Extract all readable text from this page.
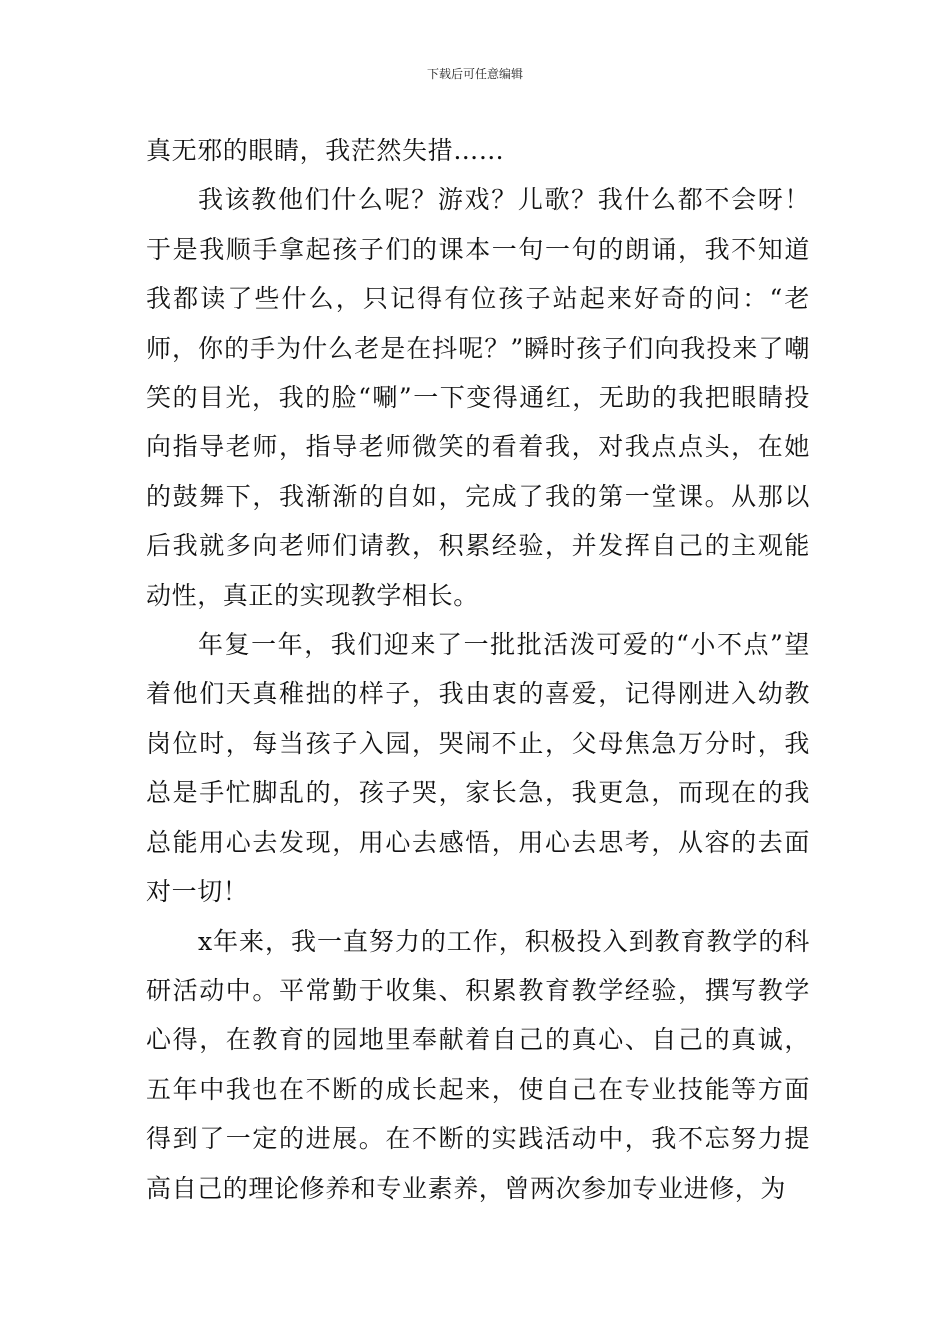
下载后可任意编辑

真无邪的眼睛，我茫然失措……

我该教他们什么呢？游戏？儿歌？我什么都不会呀！于是我顺手拿起孩子们的课本一句一句的朗诵，我不知道我都读了些什么，只记得有位孩子站起来好奇的问：“老师，你的手为什么老是在抖呢？”瞬时孩子们向我投来了嘲笑的目光，我的脸“唰”一下变得通红，无助的我把眼睛投向指导老师，指导老师微笑的看着我，对我点点头，在她的鼓舞下，我渐渐的自如，完成了我的第一堂课。从那以后我就多向老师们请教，积累经验，并发挥自己的主观能动性，真正的实现教学相长。

年复一年，我们迎来了一批批活泼可爱的“小不点”望着他们天真稚拙的样子，我由衷的喜爱，记得刚进入幼教岗位时，每当孩子入园，哭闹不止，父母焦急万分时，我总是手忙脚乱的，孩子哭，家长急，我更急，而现在的我总能用心去发现，用心去感悟，用心去思考，从容的去面对一切！

x年来，我一直努力的工作，积极投入到教育教学的科研活动中。平常勤于收集、积累教育教学经验，撰写教学心得，在教育的园地里奉献着自己的真心、自己的真诚，五年中我也在不断的成长起来，使自己在专业技能等方面得到了一定的进展。在不断的实践活动中，我不忘努力提高自己的理论修养和专业素养，曾两次参加专业进修，为
